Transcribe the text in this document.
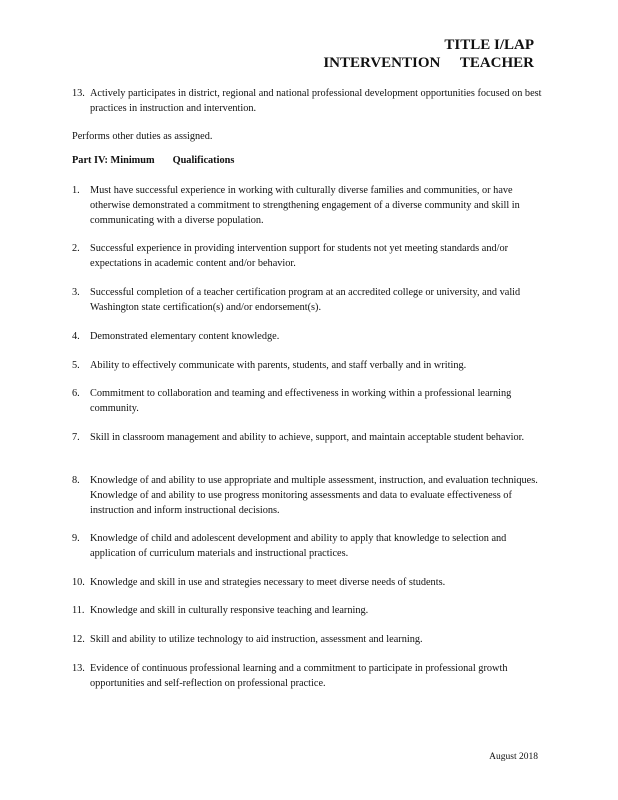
TITLE I/LAP
INTERVENTION TEACHER
13. Actively participates in district, regional and national professional development opportunities focused on best practices in instruction and intervention.
Performs other duties as assigned.
Part IV: Minimum Qualifications
1. Must have successful experience in working with culturally diverse families and communities, or have otherwise demonstrated a commitment to strengthening engagement of a diverse community and skill in communicating with a diverse population.
2. Successful experience in providing intervention support for students not yet meeting standards and/or expectations in academic content and/or behavior.
3. Successful completion of a teacher certification program at an accredited college or university, and valid Washington state certification(s) and/or endorsement(s).
4. Demonstrated elementary content knowledge.
5. Ability to effectively communicate with parents, students, and staff verbally and in writing.
6. Commitment to collaboration and teaming and effectiveness in working within a professional learning community.
7. Skill in classroom management and ability to achieve, support, and maintain acceptable student behavior.
8. Knowledge of and ability to use appropriate and multiple assessment, instruction, and evaluation techniques. Knowledge of and ability to use progress monitoring assessments and data to evaluate effectiveness of instruction and inform instructional decisions.
9. Knowledge of child and adolescent development and ability to apply that knowledge to selection and application of curriculum materials and instructional practices.
10. Knowledge and skill in use and strategies necessary to meet diverse needs of students.
11. Knowledge and skill in culturally responsive teaching and learning.
12. Skill and ability to utilize technology to aid instruction, assessment and learning.
13. Evidence of continuous professional learning and a commitment to participate in professional growth opportunities and self-reflection on professional practice.
August 2018
